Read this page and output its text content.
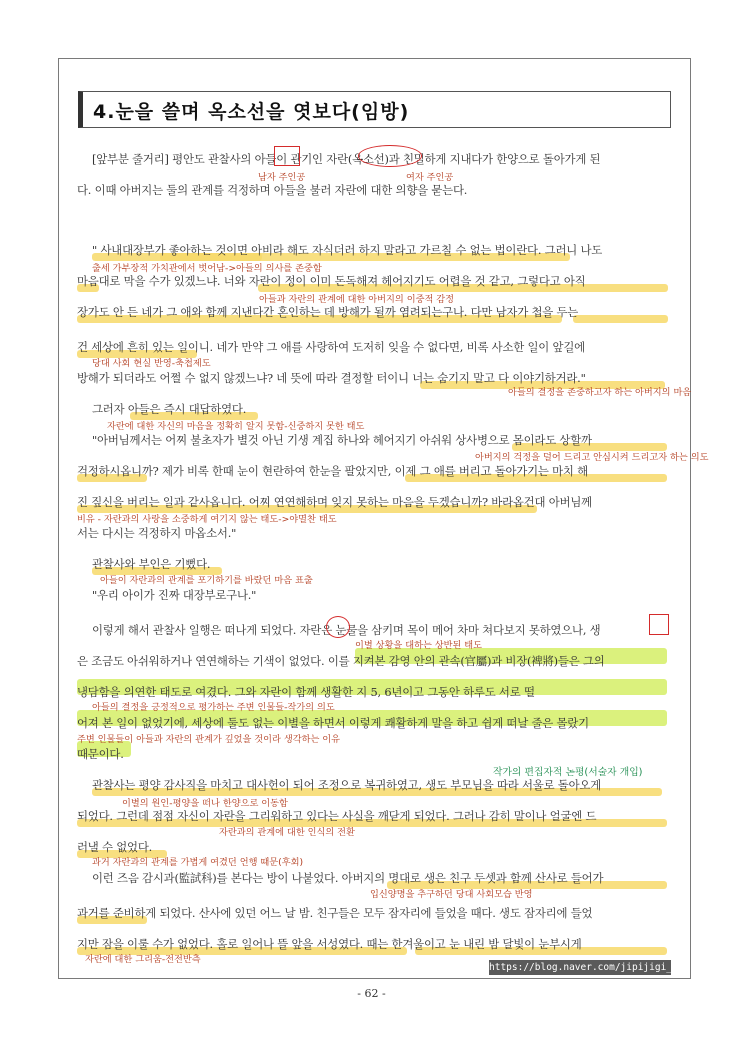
4.눈을 쓸며 옥소선을 엿보다(임방)
[앞부분 줄거리] 평안도 관찰사의 아들이 관기인 자란(옥소선)과 친밀하게 지내다가 한양으로 돌아가게 된
다. 이때 아버지는 둘의 관계를 걱정하며 아들을 불러 자란에 대한 의향을 묻는다.
" 사내대장부가 좋아하는 것이면 아비라 해도 자식더러 하지 말라고 가르칠 수 없는 법이란다. 그러니 나도
마음대로 막을 수가 있겠느냐. 너와 자란이 정이 이미 돈독해져 헤어지기도 어렵을 것 같고, 그렇다고 아직
장가도 안 든 네가 그 애와 함께 지낸다간 혼인하는 데 방해가 될까 염려되는구나. 다만 남자가 첩을 두는
건 세상에 흔히 있는 일이니. 네가 만약 그 애를 사랑하여 도저히 잊을 수 없다면, 비록 사소한 일이 앞길에
방해가 되더라도 어쩔 수 없지 않겠느냐? 네 뜻에 따라 결정할 터이니 너는 숨기지 말고 다 이야기하거라."
그러자 아들은 즉시 대답하였다.
"아버님께서는 어찌 불초자가 별것 아닌 기생 계집 하나와 헤어지기 아쉬워 상사병으로 몸이라도 상할까
걱정하시옵니까? 제가 비록 한때 눈이 현란하여 한눈을 팔았지만, 이제 그 애를 버리고 돌아가기는 마치 해
진 짚신을 버리는 일과 같사옵니다. 어찌 연연해하며 잊지 못하는 마음을 두겠습니까? 바라옵건대 아버님께
서는 다시는 걱정하지 마옵소서."
관찰사와 부인은 기뻤다.
"우리 아이가 진짜 대장부로구나."
이렇게 해서 관찰사 일행은 떠나게 되었다. 자란은 눈물을 삼키며 목이 메어 차마 쳐다보지 못하였으나, 생
은 조금도 아쉬워하거나 연연해하는 기색이 없었다. 이를 지켜본 감영 안의 관속(官屬)과 비장(裨將)들은 그의
냉담함을 의연한 태도로 여겼다. 그와 자란이 함께 생활한 지 5, 6년이고 그동안 하루도 서로 떨
어져 본 일이 없었기에, 세상에 둘도 없는 이별을 하면서 이렇게 쾌활하게 말을 하고 쉽게 떠날 줄은 몰랐기
때문이다.
관찰사는 평양 감사직을 마치고 대사헌이 되어 조정으로 복귀하였고, 생도 부모님을 따라 서울로 돌아오게
되었다. 그런데 점점 자신이 자란을 그리워하고 있다는 사실을 깨닫게 되었다. 그러나 감히 말이나 얼굴엔 드
러낼 수 없었다.
이런 즈음 감시과(監試科)를 본다는 방이 나붙었다. 아버지의 명대로 생은 친구 두셋과 함께 산사로 들어가
과거를 준비하게 되었다. 산사에 있던 어느 날 밤. 친구들은 모두 잠자리에 들었을 때다. 생도 잠자리에 들었
지만 잠을 이룰 수가 없었다. 홀로 일어나 뜰 앞을 서성였다. 때는 한겨울이고 눈 내린 밤 달빛이 눈부시게
남자 주인공	여자 주인공
출세 가부장적 가치관에서 벗어남->아들의 의사를 존중함
아들과 자란의 관계에 대한 아버지의 이중적 감정
당대 사회 현실 반영-축첩제도
아들의 결정을 존중하고자 하는 아버지의 마음
자란에 대한 자신의 마음을 정확히 알지 못함-신중하지 못한 태도
아버지의 걱정을 덜어 드리고 안심시켜 드리고자 하는 의도
비유 - 자란과의 사랑을 소중하게 여기지 않는 태도->야멸찬 태도
아들이 자란과의 관계를 포기하기를 바랐던 마음 표출
이별 상황을 대하는 상반된 태도
아들의 결정을 긍정적으로 평가하는 주변 인물들-작가의 의도
주변 인물들이 아들과 자란의 관계가 깊었을 것이라 생각하는 이유
이별의 원인-평양을 떠나 한양으로 이동함
자란과의 관계에 대한 인식의 전환
과거 자란과의 관계를 가볍게 여겼던 언행 때문(후회)
입신양명을 추구하던 당대 사회모습 반영
자란에 대한 그리움-전전반측
작가의 편집자적 논평(서술자 개입)
https://blog.naver.com/jipijigi_kt
- 62 -
